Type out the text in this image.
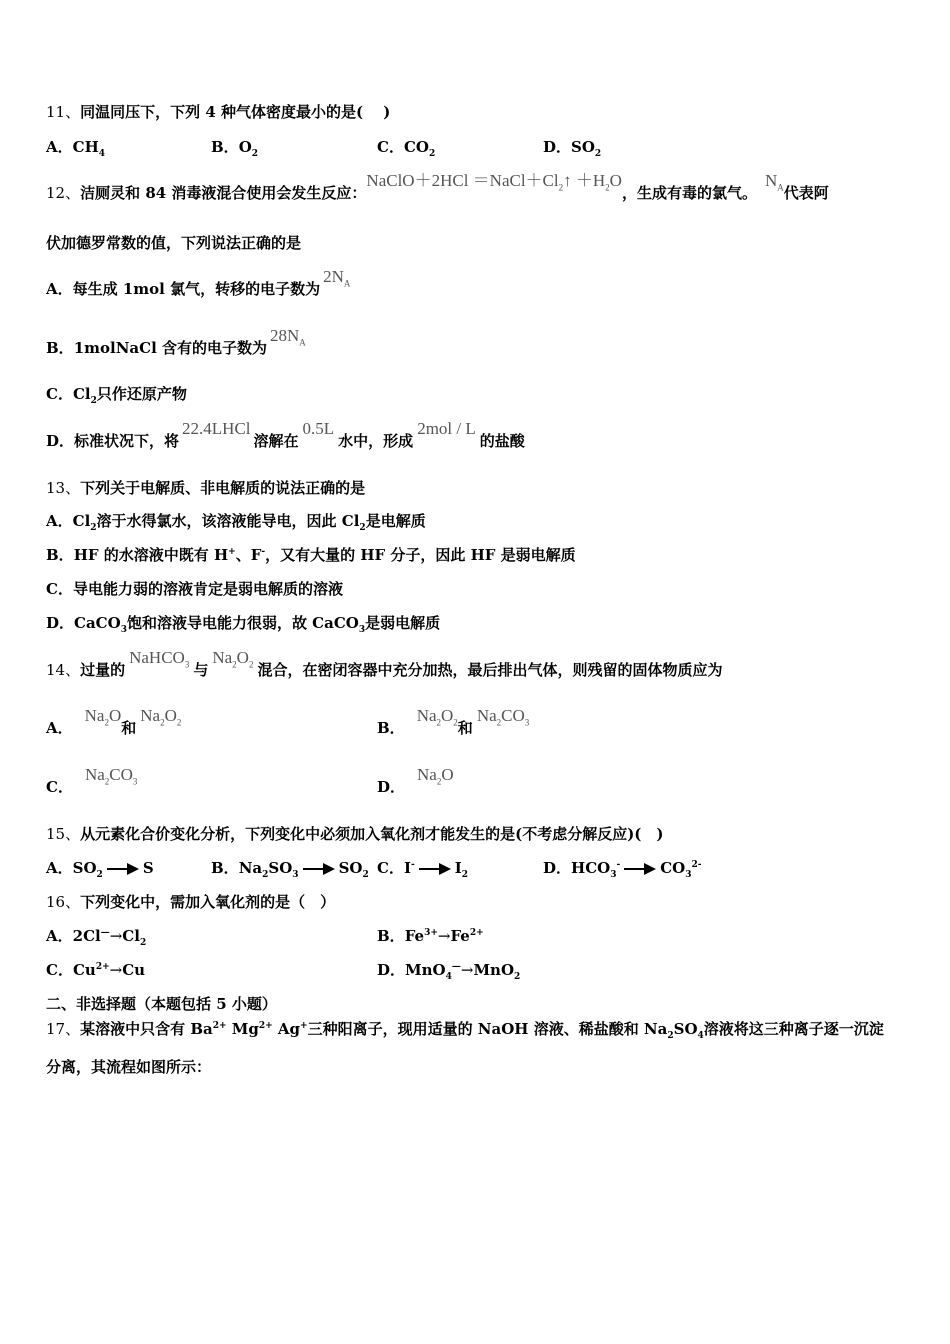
11、同温同压下，下列 4 种气体密度最小的是(　 )
A．$CH_4$	B．$O_2$	C．$CO_2$	D．$SO_2$
12、洁厕灵和 84 消毒液混合使用会发生反应：NaClO＋2HCl $=NaCl+Cl_2↑ +H_2O$，生成有毒的氯气。$N_A$代表阿
伏加德罗常数的值，下列说法正确的是
A．每生成 1mol 氯气，转移的电子数为$2N_A$
B．1molNaCl 含有的电子数为$28N_A$
C．$Cl_2$只作还原产物
D．标准状况下，将22.4LHCl溶解在0.5L水中，形成2mol / L的盐酸
13、下列关于电解质、非电解质的说法正确的是
A．$Cl_2$溶于水得氯水，该溶液能导电，因此 $Cl_2$是电解质
B．HF 的水溶液中既有 H+、F-，又有大量的 HF 分子，因此 HF 是弱电解质
C．导电能力弱的溶液肯定是弱电解质的溶液
D．CaCO$_3$饱和溶液导电能力很弱，故 CaCO$_3$是弱电解质
14、过量的NaHCO$_3$ 与$Na_2O_2$ 混合，在密闭容器中充分加热，最后排出气体，则残留的固体物质应为
A．$Na_2O$和$Na_2O_2$	B．$Na_2O_2$和$Na_2CO_3$
C．$Na_2CO_3$	D．$Na_2O$
15、从元素化合价变化分析，下列变化中必须加入氧化剂才能发生的是(不考虑分解反应)(　)
A．$SO_2$	S	B．$Na_2SO_3$	$SO_2$ C．I-	$I_2$	D．$HCO_3^-$	$CO_3^{2-}$
16、下列变化中，需加入氧化剂的是（　）
A．$2Cl^—\to Cl_2$	B．$Fe^{3+}\to Fe^{2+}$
C．$Cu^{2+}\to Cu$	D．MnO$_4$—→MnO$_2$
二、非选择题（本题包括 5 小题）
17、某溶液中只含有 $Ba^{2+}$ $Mg^{2+}$ Ag+三种阳离子，现用适量的 NaOH 溶液、稀盐酸和 $Na_2SO_4$溶液将这三种离子逐一沉淀
分离，其流程如图所示：
